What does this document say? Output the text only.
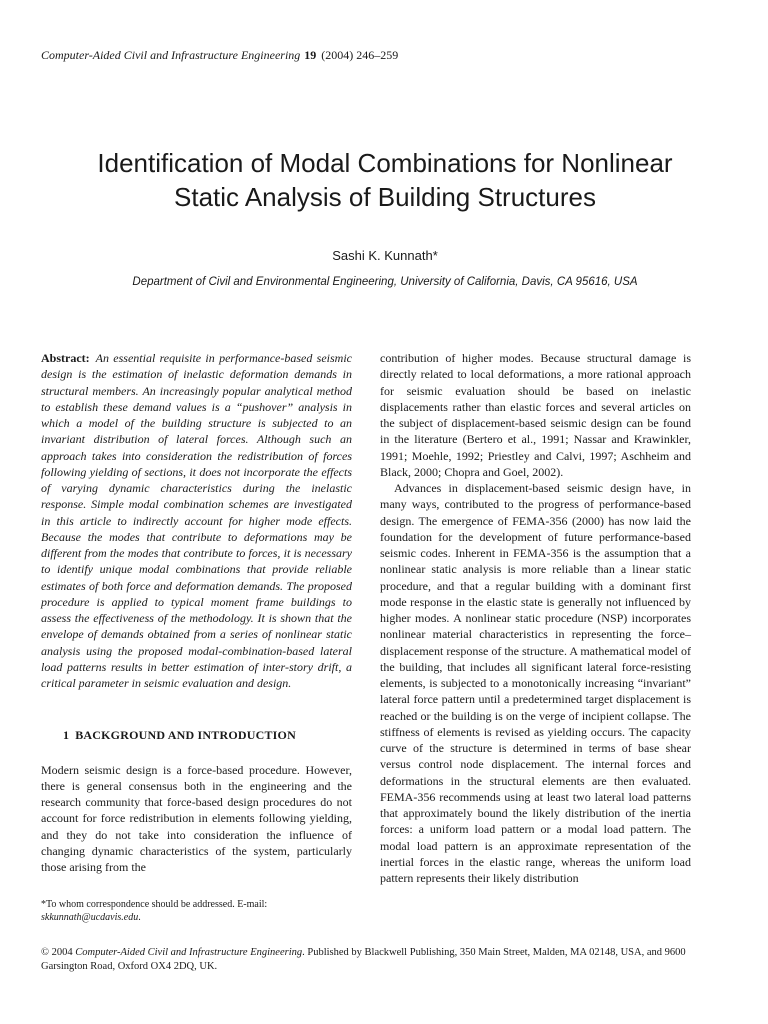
Computer-Aided Civil and Infrastructure Engineering 19 (2004) 246–259
Identification of Modal Combinations for Nonlinear
Static Analysis of Building Structures
Sashi K. Kunnath*
Department of Civil and Environmental Engineering, University of California, Davis, CA 95616, USA

Abstract: An essential requisite in performance-based seismic design is the estimation of inelastic deformation demands in structural members. An increasingly popular analytical method to establish these demand values is a “pushover” analysis in which a model of the building structure is subjected to an invariant distribution of lateral forces. Although such an approach takes into consideration the redistribution of forces following yielding of sections, it does not incorporate the effects of varying dynamic characteristics during the inelastic response. Simple modal combination schemes are investigated in this article to indirectly account for higher mode effects. Because the modes that contribute to deformations may be different from the modes that contribute to forces, it is necessary to identify unique modal combinations that provide reliable estimates of both force and deformation demands. The proposed procedure is applied to typical moment frame buildings to assess the effectiveness of the methodology. It is shown that the envelope of demands obtained from a series of nonlinear static analysis using the proposed modal-combination-based lateral load patterns results in better estimation of inter-story drift, a critical parameter in seismic evaluation and design.

1 BACKGROUND AND INTRODUCTION

Modern seismic design is a force-based procedure. However, there is general consensus both in the engineering and the research community that force-based design procedures do not account for force redistribution in elements following yielding, and they do not take into consideration the influence of changing dynamic characteristics of the system, particularly those arising from the

*To whom correspondence should be addressed. E-mail: skkunnath@ucdavis.edu.

contribution of higher modes. Because structural damage is directly related to local deformations, a more rational approach for seismic evaluation should be based on inelastic displacements rather than elastic forces and several articles on the subject of displacement-based seismic design can be found in the literature (Bertero et al., 1991; Nassar and Krawinkler, 1991; Moehle, 1992; Priestley and Calvi, 1997; Aschheim and Black, 2000; Chopra and Goel, 2002).

Advances in displacement-based seismic design have, in many ways, contributed to the progress of performance-based design. The emergence of FEMA-356 (2000) has now laid the foundation for the development of future performance-based seismic codes. Inherent in FEMA-356 is the assumption that a nonlinear static analysis is more reliable than a linear static procedure, and that a regular building with a dominant first mode response in the elastic state is generally not influenced by higher modes. A nonlinear static procedure (NSP) incorporates nonlinear material characteristics in representing the force–displacement response of the structure. A mathematical model of the building, that includes all significant lateral force-resisting elements, is subjected to a monotonically increasing “invariant” lateral force pattern until a predetermined target displacement is reached or the building is on the verge of incipient collapse. The stiffness of elements is revised as yielding occurs. The capacity curve of the structure is determined in terms of base shear versus control node displacement. The internal forces and deformations in the structural elements are then evaluated. FEMA-356 recommends using at least two lateral load patterns that approximately bound the likely distribution of the inertia forces: a uniform load pattern or a modal load pattern. The modal load pattern is an approximate representation of the inertial forces in the elastic range, whereas the uniform load pattern represents their likely distribution

© 2004 Computer-Aided Civil and Infrastructure Engineering. Published by Blackwell Publishing, 350 Main Street, Malden, MA 02148, USA, and 9600 Garsington Road, Oxford OX4 2DQ, UK.
